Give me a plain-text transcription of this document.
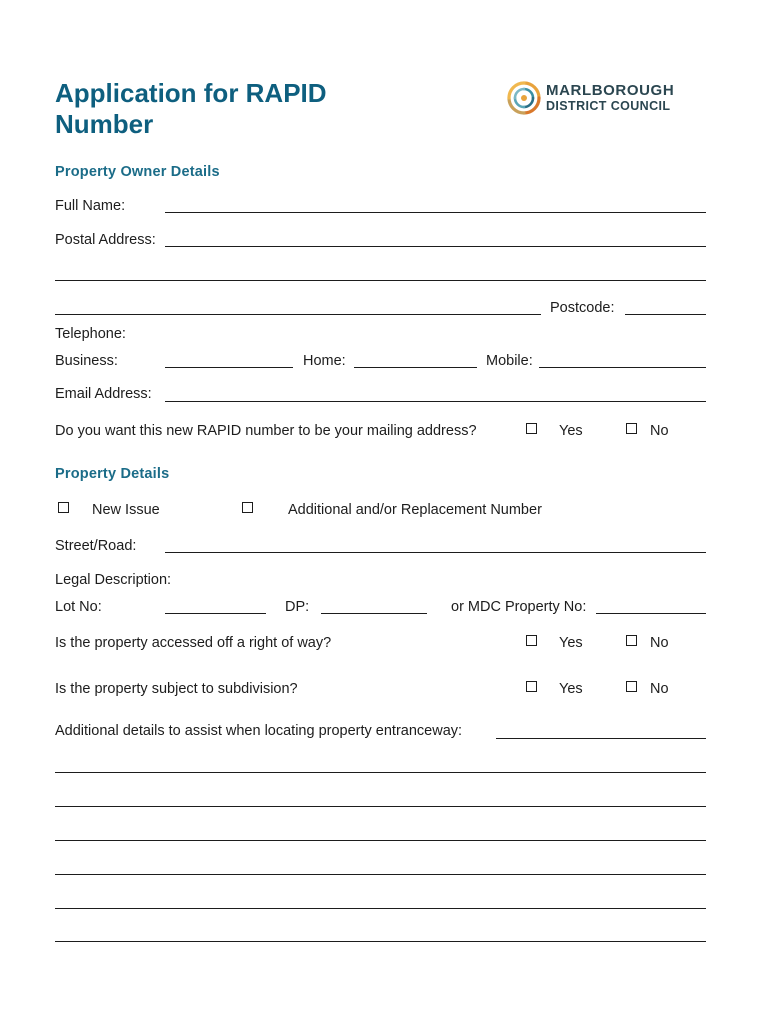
Application for RAPID Number
MARLBOROUGH
DISTRICT COUNCIL
Property Owner Details
Full Name:
Postal Address:
Postcode:
Telephone:
Business:	Home:	Mobile:
Email Address:
Do you want this new RAPID number to be your mailing address?	Yes	No
Property Details
New Issue	Additional and/or Replacement Number
Street/Road:
Legal Description:
Lot No:	DP:	or MDC Property No:
Is the property accessed off a right of way?	Yes	No
Is the property subject to subdivision?	Yes	No
Additional details to assist when locating property entranceway:
